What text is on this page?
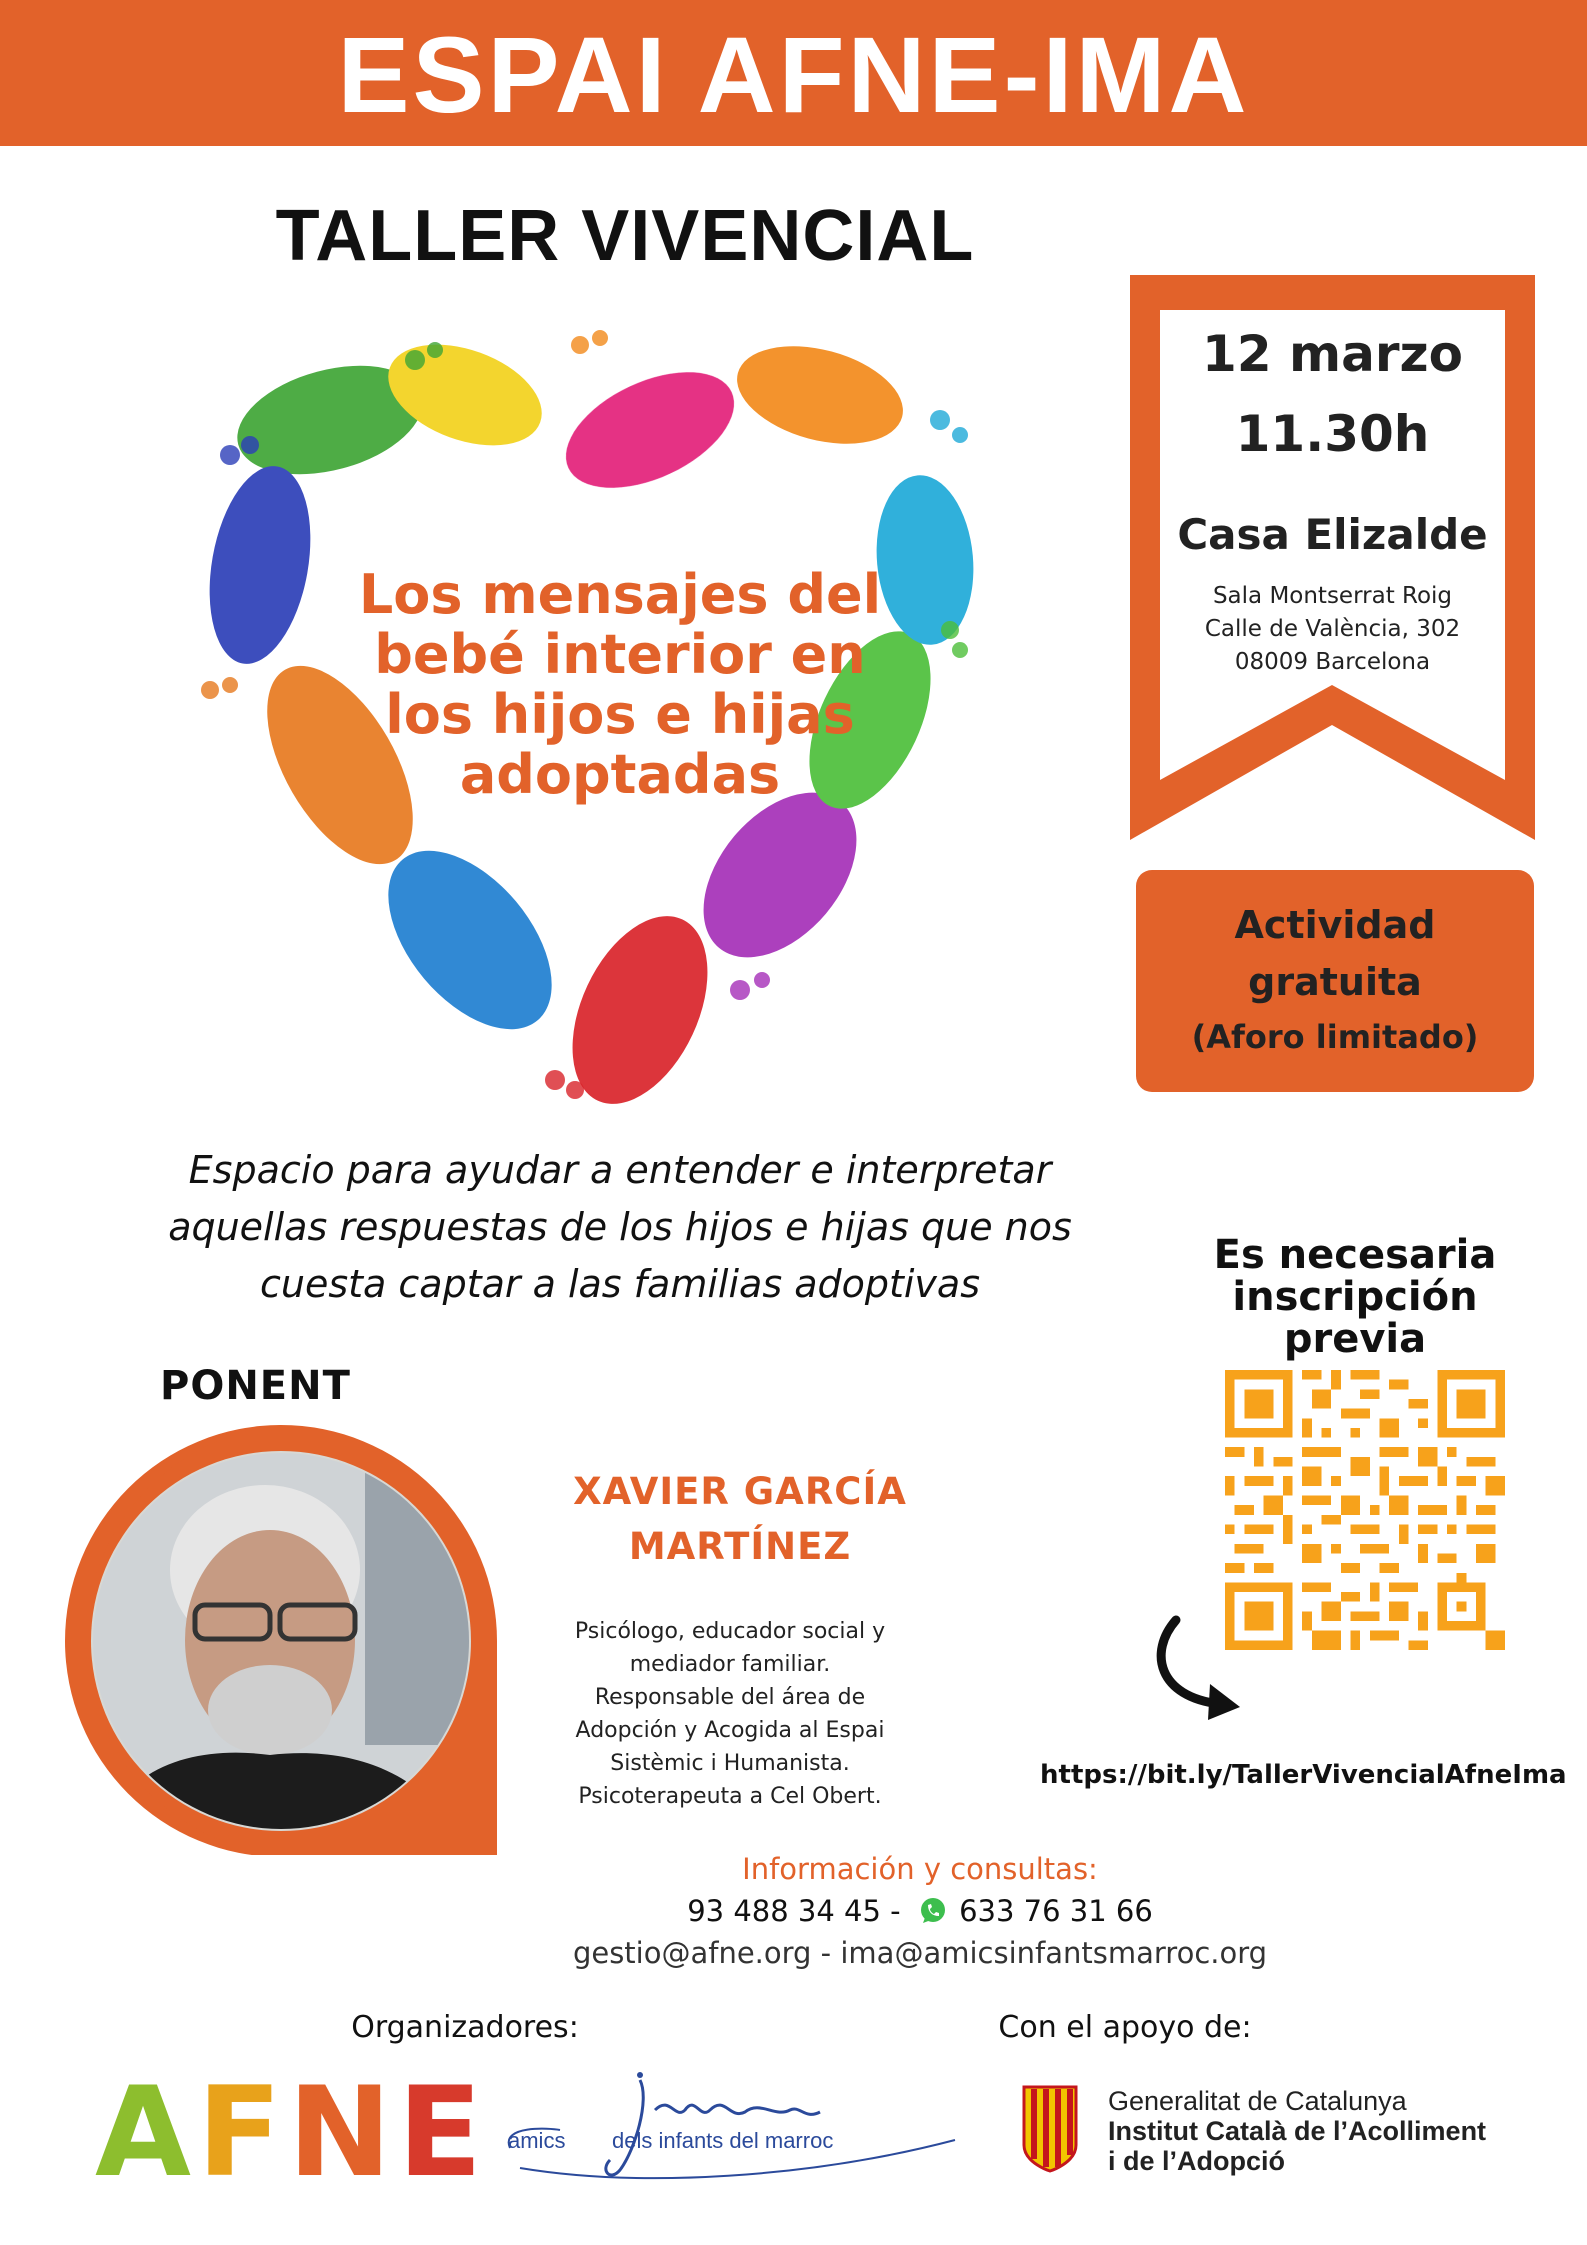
ESPAI AFNE-IMA
TALLER VIVENCIAL
Los mensajes del
bebé interior en
los hijos e hijas
adoptadas
12 marzo
11.30h
Casa Elizalde
Sala Montserrat Roig
Calle de València, 302
08009 Barcelona
Actividad
gratuita
(Aforo limitado)
Espacio para ayudar a entender e interpretar
aquellas respuestas de los hijos e hijas que nos
cuesta captar a las familias adoptivas
Es necesaria
inscripción
previa
https://bit.ly/TallerVivencialAfneIma
PONENT
XAVIER GARCÍA
MARTÍNEZ
Psicólogo, educador social y
mediador familiar.
Responsable del área de
Adopción y Acogida al Espai
Sistèmic i Humanista.
Psicoterapeuta a Cel Obert.
Información y consultas:
93 488 34 45 - 633 76 31 66
gestio@afne.org - ima@amicsinfantsmarroc.org
Organizadores:	Con el apoyo de:
AFNE amics dels infants del marroc
Generalitat de Catalunya
Institut Català de l’Acolliment
i de l’Adopció
